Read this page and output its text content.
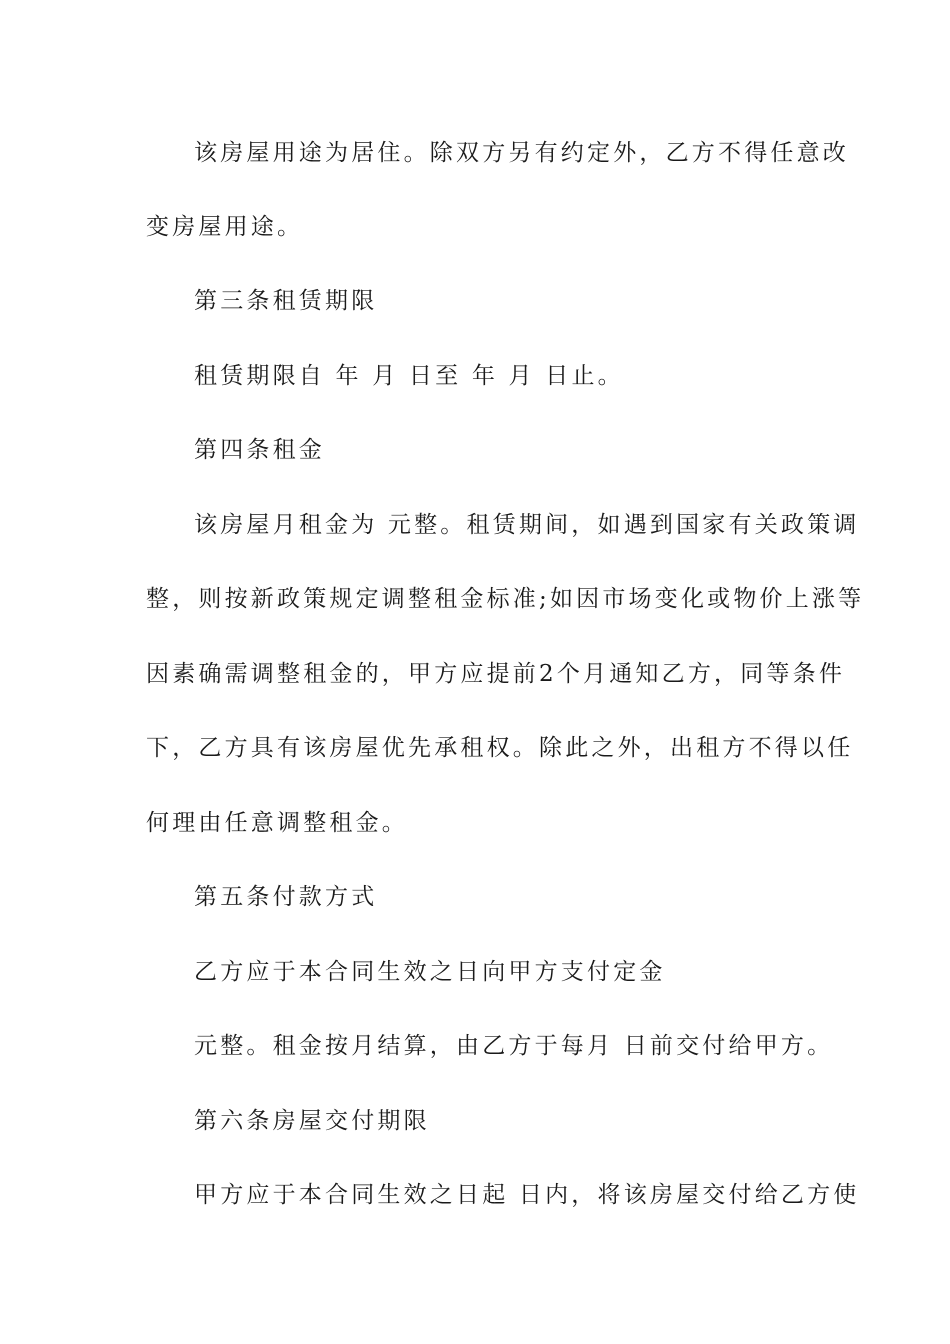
该房屋用途为居住。除双方另有约定外，乙方不得任意改
变房屋用途。
第三条租赁期限
租赁期限自 年 月 日至 年 月 日止。
第四条租金
该房屋月租金为 元整。租赁期间，如遇到国家有关政策调
整，则按新政策规定调整租金标准;如因市场变化或物价上涨等
因素确需调整租金的，甲方应提前2个月通知乙方，同等条件
下，乙方具有该房屋优先承租权。除此之外，出租方不得以任
何理由任意调整租金。
第五条付款方式
乙方应于本合同生效之日向甲方支付定金
元整。租金按月结算，由乙方于每月 日前交付给甲方。
第六条房屋交付期限
甲方应于本合同生效之日起 日内，将该房屋交付给乙方使
